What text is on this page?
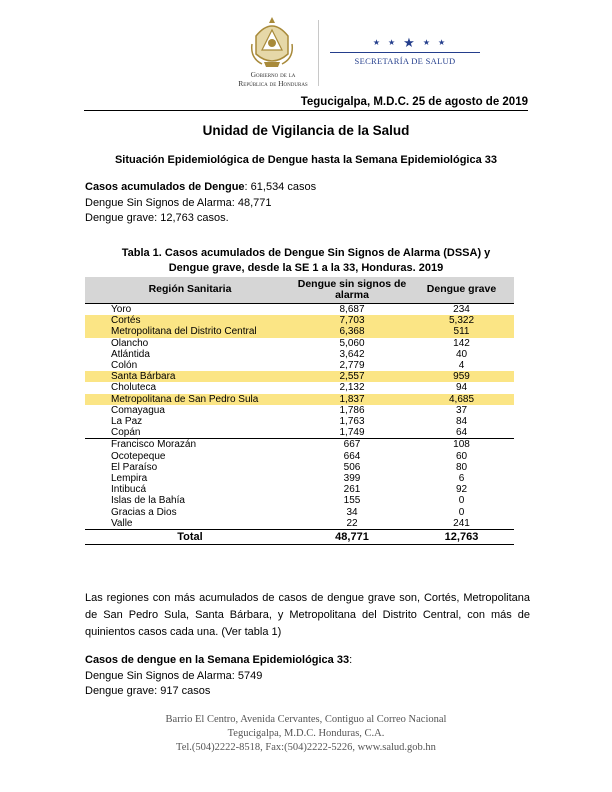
Gobierno de la
República de Honduras
★ ★ ★ ★ ★
SECRETARÍA DE SALUD
Tegucigalpa, M.D.C. 25 de agosto de 2019
Unidad de Vigilancia de la Salud
Situación Epidemiológica de Dengue hasta la Semana Epidemiológica 33
Casos acumulados de Dengue: 61,534 casos
Dengue Sin Signos de Alarma: 48,771
Dengue grave: 12,763 casos.
Tabla 1. Casos acumulados de Dengue Sin Signos de Alarma (DSSA) y
Dengue grave, desde la SE 1 a la 33, Honduras. 2019
Región Sanitaria	Dengue sin signos de alarma	Dengue grave
Yoro	8,687	234
Cortés	7,703	5,322
Metropolitana del Distrito Central	6,368	511
Olancho	5,060	142
Atlántida	3,642	40
Colón	2,779	4
Santa Bárbara	2,557	959
Choluteca	2,132	94
Metropolitana de San Pedro Sula	1,837	4,685
Comayagua	1,786	37
La Paz	1,763	84
Copán	1,749	64
Francisco Morazán	667	108
Ocotepeque	664	60
El Paraíso	506	80
Lempira	399	6
Intibucá	261	92
Islas de la Bahía	155	0
Gracias a Dios	34	0
Valle	22	241
Total	48,771	12,763
Las regiones con más acumulados de casos de dengue grave son, Cortés, Metropolitana de San Pedro Sula, Santa Bárbara, y Metropolitana del Distrito Central, con más de quinientos casos cada una. (Ver tabla 1)
Casos de dengue en la Semana Epidemiológica 33:
Dengue Sin Signos de Alarma: 5749
Dengue grave: 917 casos
Barrio El Centro, Avenida Cervantes, Contiguo al Correo Nacional
Tegucigalpa, M.D.C. Honduras, C.A.
Tel.(504)2222-8518, Fax:(504)2222-5226, www.salud.gob.hn
